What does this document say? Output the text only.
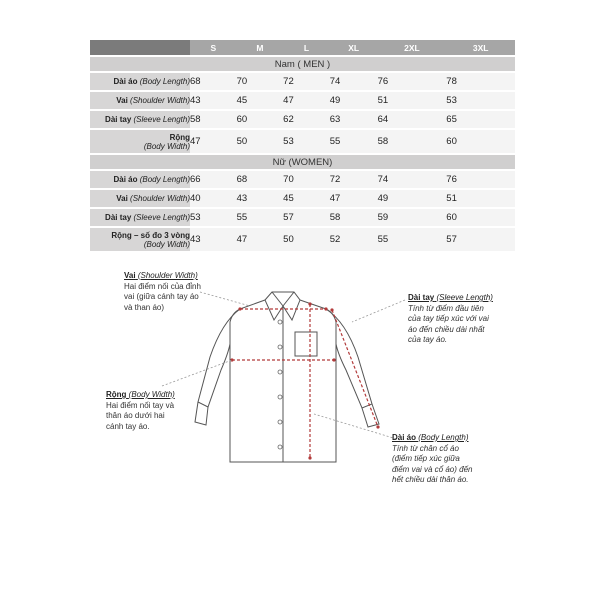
	S	M	L	XL	2XL	3XL
Nam ( MEN )						
Dài áo (Body Length)	68	70	72	74	76	78
Vai (Shoulder Width)	43	45	47	49	51	53
Dài tay (Sleeve Length)	58	60	62	63	64	65
Rộng
(Body Width)	47	50	53	55	58	60
Nữ (WOMEN)						
Dài áo (Body Length)	66	68	70	72	74	76
Vai (Shoulder Width)	40	43	45	47	49	51
Dài tay (Sleeve Length)	53	55	57	58	59	60
Rộng – số đo 3 vòng
(Body Width)	43	47	50	52	55	57
Vai (Shoulder Width)
Hai điểm nối của đỉnh
vai (giữa cánh tay áo
và than áo)
Dài tay (Sleeve Length)
Tính từ điểm đầu tiên
của tay tiếp xúc với vai
áo đến chiều dài nhất
của tay áo.
Rộng (Body Width)
Hai điểm nối tay và
thân áo dưới hai
cánh tay áo.
Dài áo (Body Length)
Tính từ chân cổ áo
(điểm tiếp xúc giữa
điểm vai và cổ áo) đến
hết chiều dài thân áo.
